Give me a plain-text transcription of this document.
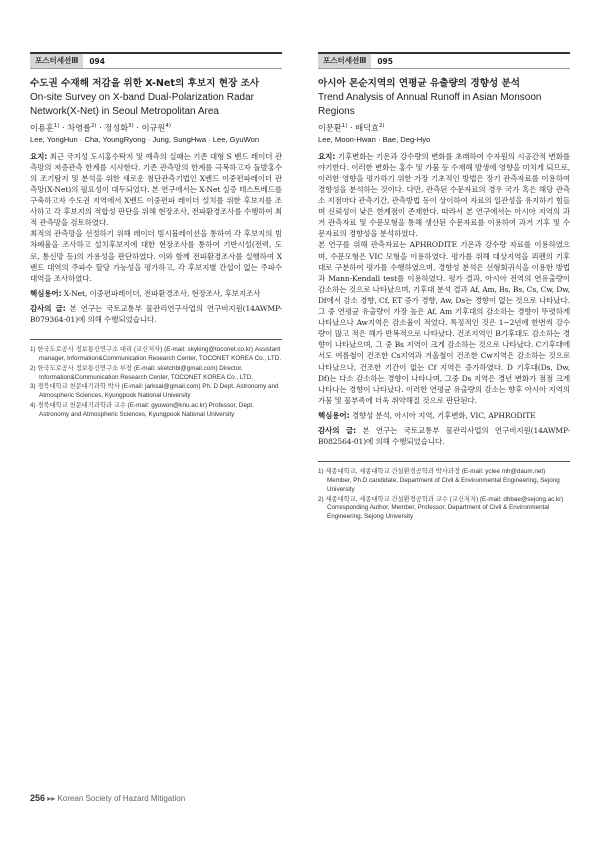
포스터세션Ⅲ	094

수도권 수재해 저감을 위한 X-Net의 후보지 현장 조사

On-site Survey on X-band Dual-Polarization Radar Network(X-Net) in Seoul Metropolitan Area

이용훈$^{1)}$ · 차영률$^{2)}$ · 정성화$^{3)}$ · 이규원$^{4)}$
Lee, YongHun · Cha, YoungRyong · Jung, SungHwa · Lee, GyuWon

요지: 최근 국지성 도시홍수탁지 및 예측의 실패는 기존 대형 S 밴드 레이더 관측망의 저층관측 한계를 시사한다. 기존 관측망의 한계를 극복하고자 돌발홍수의 조기탐지 및 분석을 위한 새로운 첨단관측기법인 X밴드 이중편파레이더 관측망(X-Net)의 필요성이 대두되었다. 본 연구에서는 X-Net 실증 테스트베드를 구축하고자 수도권 지역에서 X밴드 이중편파 레이더 설치를 위한 후보지를 조사하고 각 후보지의 적합성 판단을 위해 현장조사, 전파환경조사를 수행하여 최적 관측망을 검토하였다.

최적의 관측망을 선정하기 위해 레이더 빔시뮬레이션을 통하여 각 후보지의 빔차폐율을 조사하고 설치후보지에 대한 현장조사를 통하여 기반시설(전력, 도로, 통신망 등)의 가용성을 판단하였다. 이와 함께 전파환경조사를 실행하여 X밴드 대역의 주파수 할당 가능성을 평가하고, 각 후보지별 간섭이 없는 주파수대역을 조사하였다.

핵심용어: X-Net, 이중편파레이더, 전파환경조사, 현장조사, 후보지조사

감사의 글: 본 연구는 국토교통부 물관리연구사업의 연구비지원(14AWMP-B079364-01)에 의해 수행되었습니다.

1) 한국도로공사 정보통신연구소 대리 (교신저자) (E-mail: skyking@toconet.co.kr) Assistant manager, Information&Communication Research Center, TOCONET KOREA Co., LTD.

2) 한국도로공사 정보통신연구소 부장 (E-mail: sketchbl@gmail.com) Director, Information&Communication Research Center, TOCONET KOREA Co., LTD.

3) 경북대학교 천문대기과학 박사 (E-mail: jarksal@gmail.com) Ph. D Dept. Astronomy and Atmospheric Sciences, Kyungpook National University

4) 경북대학교 천문대기과학과 교수 (E-mail: gyuwon@knu.ac.kr) Professor, Dept. Astronomy and Atmospheric Sciences, Kyungpook National University

포스터세션Ⅲ	095

아시아 몬순지역의 연평균 유출량의 경향성 분석

Trend Analysis of Annual Runoff in Asian Monsoon Regions

이문환$^{1)}$ · 배덕효$^{2)}$
Lee, Moon-Hwan · Bae, Deg-Hyo

요지: 기후변화는 기온과 강수량의 변화를 초래하여 수자원의 시공간적 변화를 야기한다. 이러한 변화는 홍수 및 가뭄 등 수재해 발생에 영향을 미치게 되므로, 이러한 영향을 평가하기 위한 가장 기초적인 방법은 장기 관측자료를 이용하여 경향성을 분석하는 것이다. 다만, 관측된 수문자료의 경우 국가 혹은 해당 관측소 지점마다 관측기간, 관측방법 등이 상이하여 자료의 일관성을 유지하기 힘들며 신뢰성이 낮은 한계점이 존재한다. 따라서 본 연구에서는 아시아 지역의 과거 관측자료 및 수문모형을 통해 생산된 수문자료를 이용하여 과거 기후 및 수문자료의 경향성을 분석하였다.

본 연구를 위해 관측자료는 APHRODITE 기온과 강수량 자료를 이용하였으며, 수문모형은 VIC 모형을 이용하였다. 평가를 위해 대상지역을 쾨펜의 기후대로 구분하여 평가를 수행하였으며, 경향성 분석은 선형회귀식을 이용한 방법과 Mann-Kendall test를 이용하였다. 평가 결과, 아시아 전역의 연유출량이 감소하는 것으로 나타났으며, 기후대 분석 결과 Af, Am, Bs, Bs, Cs, Cw, Dw, Df에서 감소 경향, Cf, ET 증가 경향, Aw, Ds는 경향이 없는 것으로 나타났다. 그 중 연평균 유출량이 가장 높은 Af, Am 기후대의 감소하는 경향이 뚜렷하게 나타났으나 Aw지역은 감소율이 적었다. 특징적인 것은 1~2년에 한번씩 강수량이 많고 적은 해가 반복적으로 나타났다. 건조지역인 B기후대도 감소하는 경향이 나타났으며, 그 중 Bs 지역이 크게 감소하는 것으로 나타났다. C기후대에서도 여름철이 건조한 Cs지역과 겨울철이 건조한 Cw지역은 감소하는 것으로 나타났으나, 건조한 기간이 없는 Cf 지역은 증가하였다. D 기후대(Ds, Dw, Df)는 다소 감소하는 경향이 나타나며, 그중 Ds 지역은 경년 변화가 점점 크게 나타나는 경향이 나타났다. 이러한 연평균 유출량의 감소는 향후 아시아 지역의 가뭄 및 물부족에 더욱 취약해질 것으로 판단된다.

핵심용어: 경향성 분석, 아시아 지역, 기후변화, VIC, APHRODITE

감사의 글: 본 연구는 국토교통부 물관리사업의 연구비지원(14AWMP-B082564-01)에 의해 수행되었습니다.

1) 세종대학교, 세종대학교 건설환경공학과 박사과정 (E-mail: yclee mh@daum.net) Member, Ph.D candidate, Department of Civil & Environmental Engineering, Sejong University

2) 세종대학교, 세종대학교 건설환경공학과 교수 (교신저자) (E-mail: dhbae@sejong.ac.kr) Corresponding Author, Member, Professor, Department of Civil & Environmental Engineering, Sejong University

256 ▸▸ Korean Society of Hazard Mitigation
